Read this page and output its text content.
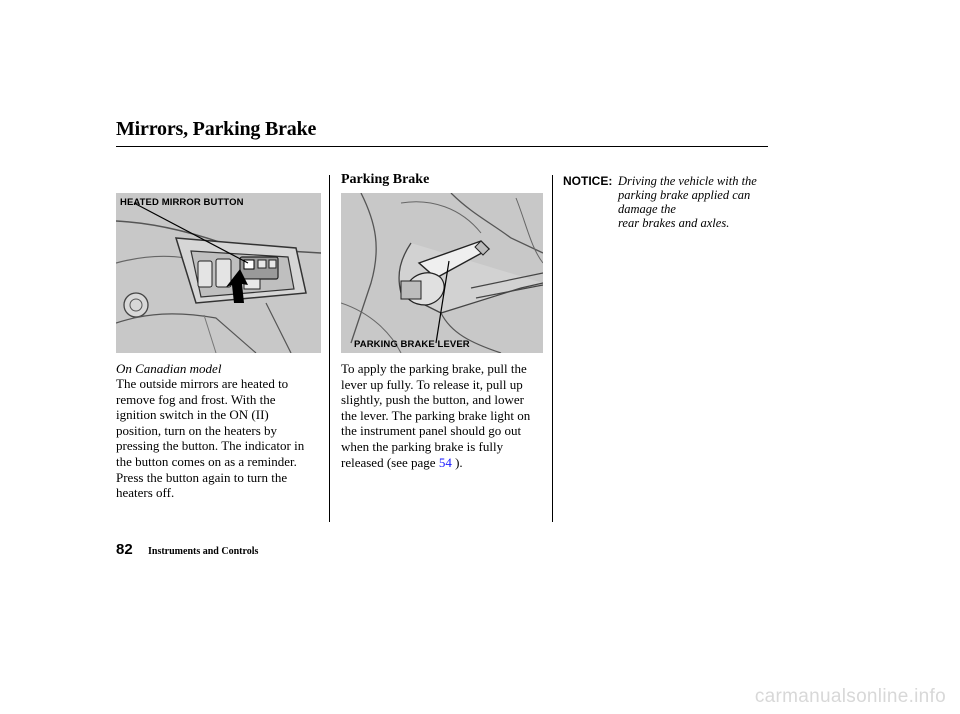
Mirrors, Parking Brake
HEATED MIRROR BUTTON
PARKING BRAKE LEVER
On Canadian model
The outside mirrors are heated to
remove fog and frost. With the
ignition switch in the ON (II)
position, turn on the heaters by
pressing the button. The indicator in
the button comes on as a reminder.
Press the button again to turn the
heaters off.
Parking Brake
To apply the parking brake, pull the
lever up fully. To release it, pull up
slightly, push the button, and lower
the lever. The parking brake light on
the instrument panel should go out
when the parking brake is fully
released (see page 54 ).
NOTICE: Driving the vehicle with the
parking brake applied can damage the
rear brakes and axles.
82 Instruments and Controls
carmanualsonline.info
